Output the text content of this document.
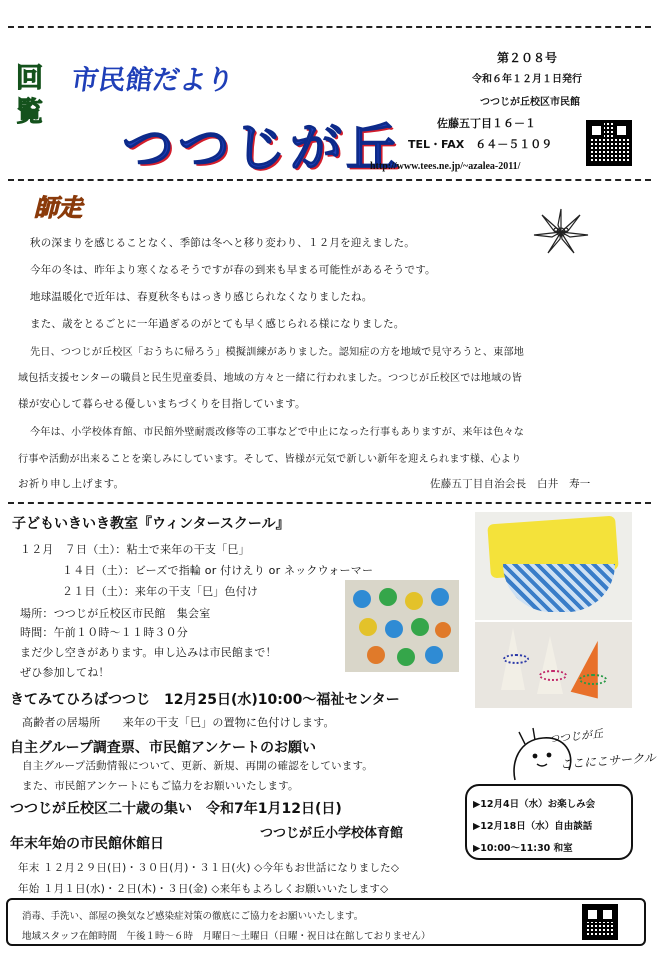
回
覧
市民館だより
つつじが丘
第２０８号
令和６年１２月１日発行
つつじが丘校区市民館
佐藤五丁目１６－１
TEL・FAX　６４－５１０９
http://www.tees.ne.jp/~azalea-2011/
師走
秋の深まりを感じることなく、季節は冬へと移り変わり、１２月を迎えました。
今年の冬は、昨年より寒くなるそうですが春の到来も早まる可能性があるそうです。
地球温暖化で近年は、春夏秋冬もはっきり感じられなくなりましたね。
また、歳をとるごとに一年過ぎるのがとても早く感じられる様になりました。
先日、つつじが丘校区「おうちに帰ろう」模擬訓練がありました。認知症の方を地域で見守ろうと、東部地
域包括支援センターの職員と民生児童委員、地域の方々と一緒に行われました。つつじが丘校区では地域の皆
様が安心して暮らせる優しいまちづくりを目指しています。
今年は、小学校体育館、市民館外壁耐震改修等の工事などで中止になった行事もありますが、来年は色々な
行事や活動が出来ることを楽しみにしています。そして、皆様が元気で新しい新年を迎えられます様、心より
お祈り申し上げます。	佐藤五丁目自治会長　白井　寿一
子どもいきいき教室『ウィンタースクール』
１２月　７日（土）：粘土で来年の干支「巳」
１４日（土）：ビーズで指輪 or 付けえり or ネックウォーマー
２１日（土）：来年の干支「巳」色付け
場所：つつじが丘校区市民館　集会室
時間：午前１０時～１１時３０分
まだ少し空きがあります。申し込みは市民館まで！
ぜひ参加してね！
きてみてひろばつつじ　12月25日(水)10:00～福祉センター
高齢者の居場所　　来年の干支「巳」の置物に色付けします。
自主グループ調査票、市民館アンケートのお願い
自主グループ活動情報について、更新、新規、再開の確認をしています。
また、市民館アンケートにもご協力をお願いいたします。
つつじが丘校区二十歳の集い　令和7年1月12日(日)
つつじが丘小学校体育館
年末年始の市民館休館日
年末 １２月２９日(日)・３０日(月)・３１日(火) ◇今年もお世話になりました◇
年始 １月１日(水)・２日(木)・３日(金) ◇来年もよろしくお願いいたします◇
つつじが丘
ここにこサークル
▶12月4日（水）お楽しみ会
▶12月18日（水）自由談話
▶10:00～11:30 和室
消毒、手洗い、部屋の換気など感染症対策の徹底にご協力をお願いいたします。
地域スタッフ在館時間　午後１時～６時　月曜日～土曜日（日曜・祝日は在館しておりません）
